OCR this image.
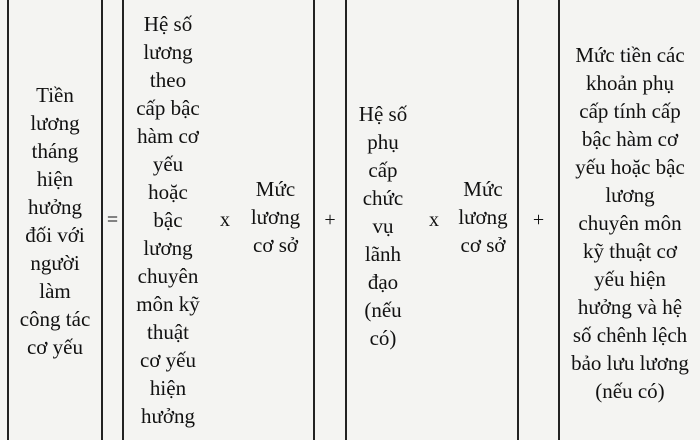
Tiền
lương
tháng
hiện
hưởng
đối với
người
làm
công tác
cơ yếu
=
Hệ số
lương
theo
cấp bậc
hàm cơ
yếu
hoặc
bậc
lương
chuyên
môn kỹ
thuật
cơ yếu
hiện
hưởng
x
Mức
lương
cơ sở
+
Hệ số
phụ
cấp
chức
vụ
lãnh
đạo
(nếu
có)
x
Mức
lương
cơ sở
+
Mức tiền các
khoản phụ
cấp tính cấp
bậc hàm cơ
yếu hoặc bậc
lương
chuyên môn
kỹ thuật cơ
yếu hiện
hưởng và hệ
số chênh lệch
bảo lưu lương
(nếu có)
